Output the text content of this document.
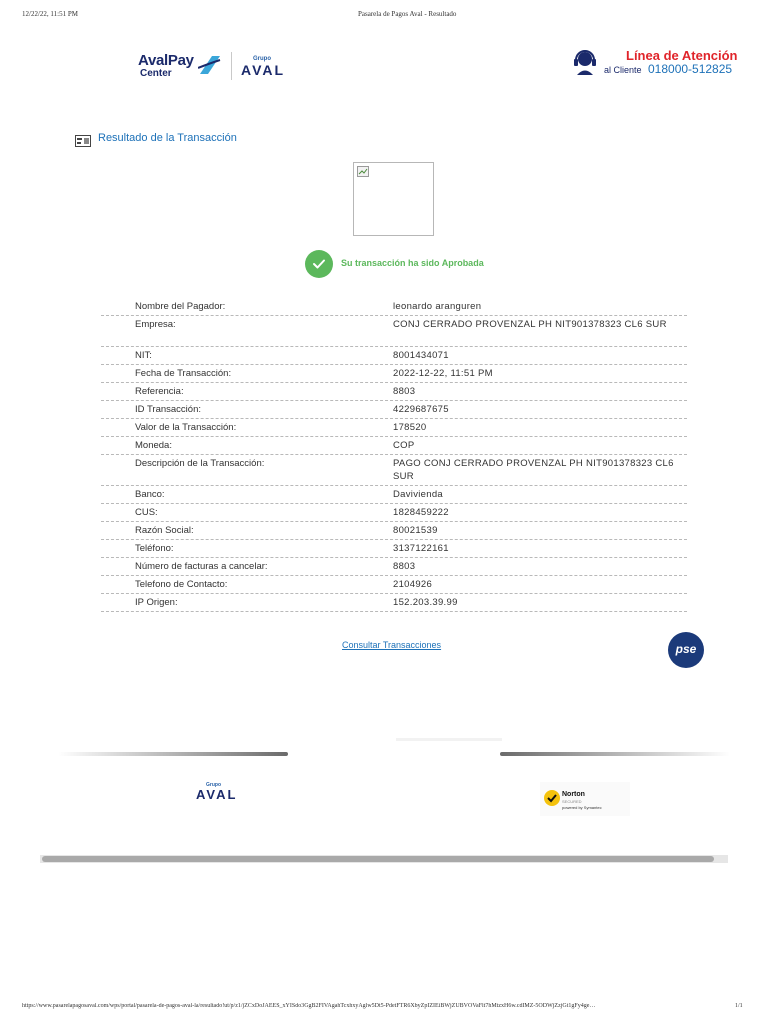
12/22/22, 11:51 PM	Pasarela de Pagos Aval - Resultado
AvalPay
Center
Grupo
AVAL
Línea de Atención
al Cliente 018000-512825
Resultado de la Transacción
Su transacción ha sido Aprobada
Nombre del Pagador:	leonardo aranguren
Empresa:	CONJ CERRADO PROVENZAL PH NIT901378323 CL6 SUR
NIT:	8001434071
Fecha de Transacción:	2022-12-22, 11:51 PM
Referencia:	8803
ID Transacción:	4229687675
Valor de la Transacción:	178520
Moneda:	COP
Descripción de la Transacción:	PAGO CONJ CERRADO PROVENZAL PH NIT901378323 CL6 SUR
Banco:	Davivienda
CUS:	1828459222
Razón Social:	80021539
Teléfono:	3137122161
Número de facturas a cancelar:	8803
Telefono de Contacto:	2104926
IP Origen:	152.203.39.99
Consultar Transacciones	pse
Grupo
AVAL	Norton
SECURED
powered by Symantec
https://www.pasarelapagosaval.com/wps/portal/pasarela-de-pagos-aval-la/resultado!ut/p/z1/jZCxDoJAEES_xYISdo3GgB2FIVAgahTcxhxyAglw5Dt5-PdetFTR6XbyZpIZIEiBWjZUBVOVaFlt7hMtzxH6w.cdIMZ-5ODWjZzjGt1gFy4ge…	1/1
